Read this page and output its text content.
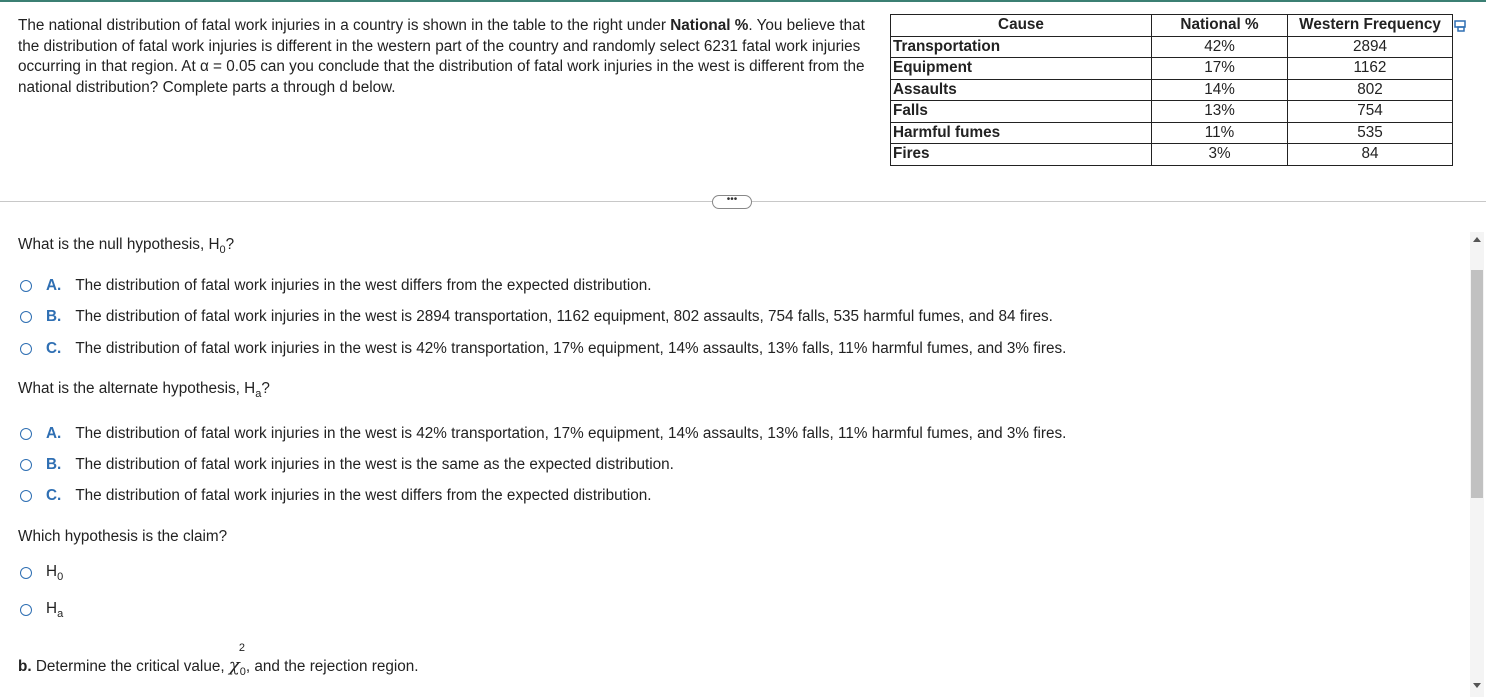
The national distribution of fatal work injuries in a country is shown in the table to the right under National %. You believe that the distribution of fatal work injuries is different in the western part of the country and randomly select 6231 fatal work injuries occurring in that region. At α = 0.05 can you conclude that the distribution of fatal work injuries in the west is different from the national distribution? Complete parts a through d below.
Cause	National %	Western Frequency
Transportation	42%	2894
Equipment	17%	1162
Assaults	14%	802
Falls	13%	754
Harmful fumes	11%	535
Fires	3%	84
•••
What is the null hypothesis, $H_0$?
A. The distribution of fatal work injuries in the west differs from the expected distribution.
B. The distribution of fatal work injuries in the west is 2894 transportation, 1162 equipment, 802 assaults, 754 falls, 535 harmful fumes, and 84 fires.
C. The distribution of fatal work injuries in the west is 42% transportation, 17% equipment, 14% assaults, 13% falls, 11% harmful fumes, and 3% fires.
What is the alternate hypothesis, $H_a$?
A. The distribution of fatal work injuries in the west is 42% transportation, 17% equipment, 14% assaults, 13% falls, 11% harmful fumes, and 3% fires.
B. The distribution of fatal work injuries in the west is the same as the expected distribution.
C. The distribution of fatal work injuries in the west differs from the expected distribution.
Which hypothesis is the claim?
$H_0$
$H_a$
b. Determine the critical value, χ
2
$_0$, and the rejection region.
